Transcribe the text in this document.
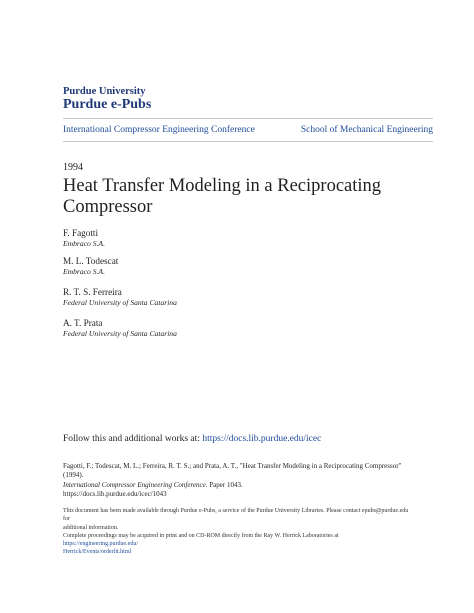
Purdue University
Purdue e-Pubs
International Compressor Engineering Conference	School of Mechanical Engineering
1994
Heat Transfer Modeling in a Reciprocating
Compressor
F. Fagotti
Embraco S.A.
M. L. Todescat
Embraco S.A.
R. T. S. Ferreira
Federal University of Santa Catarina
A. T. Prata
Federal University of Santa Catarina
Follow this and additional works at: https://docs.lib.purdue.edu/icec
Fagotti, F.; Todescat, M. L.; Ferreira, R. T. S.; and Prata, A. T., "Heat Transfer Modeling in a Reciprocating Compressor" (1994).
International Compressor Engineering Conference. Paper 1043.
https://docs.lib.purdue.edu/icec/1043
This document has been made available through Purdue e-Pubs, a service of the Purdue University Libraries. Please contact epubs@purdue.edu for
additional information.
Complete proceedings may be acquired in print and on CD-ROM directly from the Ray W. Herrick Laboratories at https://engineering.purdue.edu/
Herrick/Events/orderlit.html
